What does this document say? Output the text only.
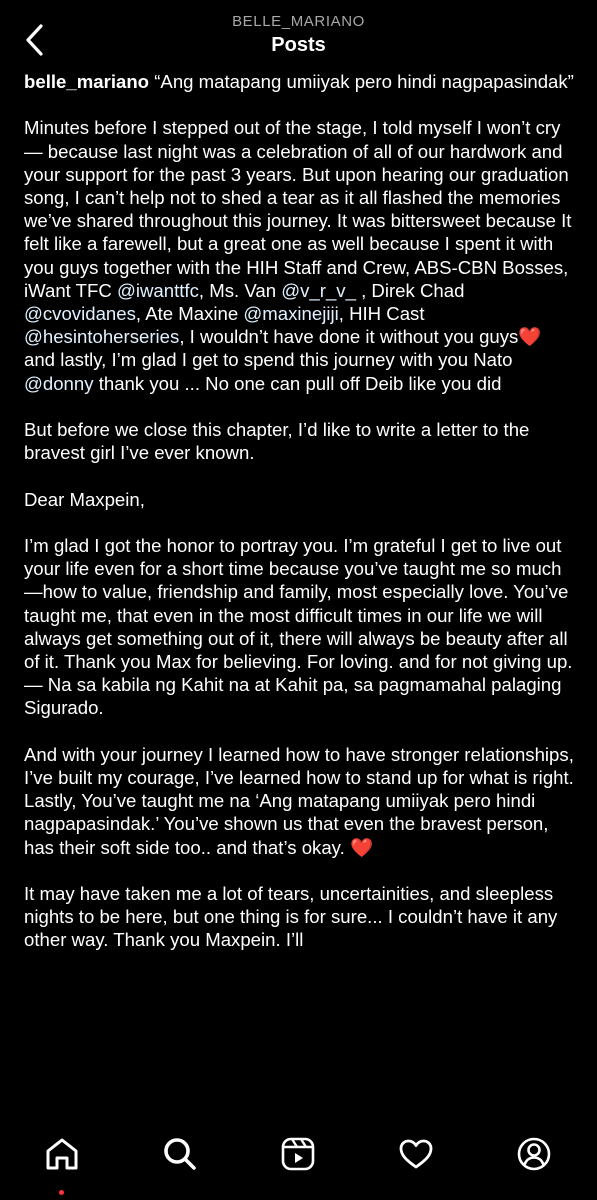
BELLE_MARIANO
Posts

belle_mariano “Ang matapang umiiyak pero hindi nagpapasindak”

Minutes before I stepped out of the stage, I told myself I won’t cry— because last night was a celebration of all of our hardwork and your support for the past 3 years. But upon hearing our graduation song, I can’t help not to shed a tear as it all flashed the memories we’ve shared throughout this journey. It was bittersweet because It felt like a farewell, but a great one as well because I spent it with you guys together with the HIH Staff and Crew, ABS-CBN Bosses, iWant TFC @iwanttfc, Ms. Van @v_r_v_ , Direk Chad @cvovidanes, Ate Maxine @maxinejiji, HIH Cast @hesintoherseries, I wouldn’t have done it without you guys❤️
and lastly, I’m glad I get to spend this journey with you Nato @donny thank you ... No one can pull off Deib like you did

But before we close this chapter, I’d like to write a letter to the bravest girl I’ve ever known.

Dear Maxpein,

I’m glad I got the honor to portray you. I’m grateful I get to live out your life even for a short time because you’ve taught me so much—how to value, friendship and family, most especially love. You’ve taught me, that even in the most difficult times in our life we will always get something out of it, there will always be beauty after all of it. Thank you Max for believing. For loving. and for not giving up. — Na sa kabila ng Kahit na at Kahit pa, sa pagmamahal palaging Sigurado.

And with your journey I learned how to have stronger relationships, I’ve built my courage, I’ve learned how to stand up for what is right. Lastly, You’ve taught me na ‘Ang matapang umiiyak pero hindi nagpapasindak.’ You’ve shown us that even the bravest person, has their soft side too.. and that’s okay. ❤️

It may have taken me a lot of tears, uncertainities, and sleepless nights to be here, but one thing is for sure... I couldn’t have it any other way. Thank you Maxpein. I’ll
